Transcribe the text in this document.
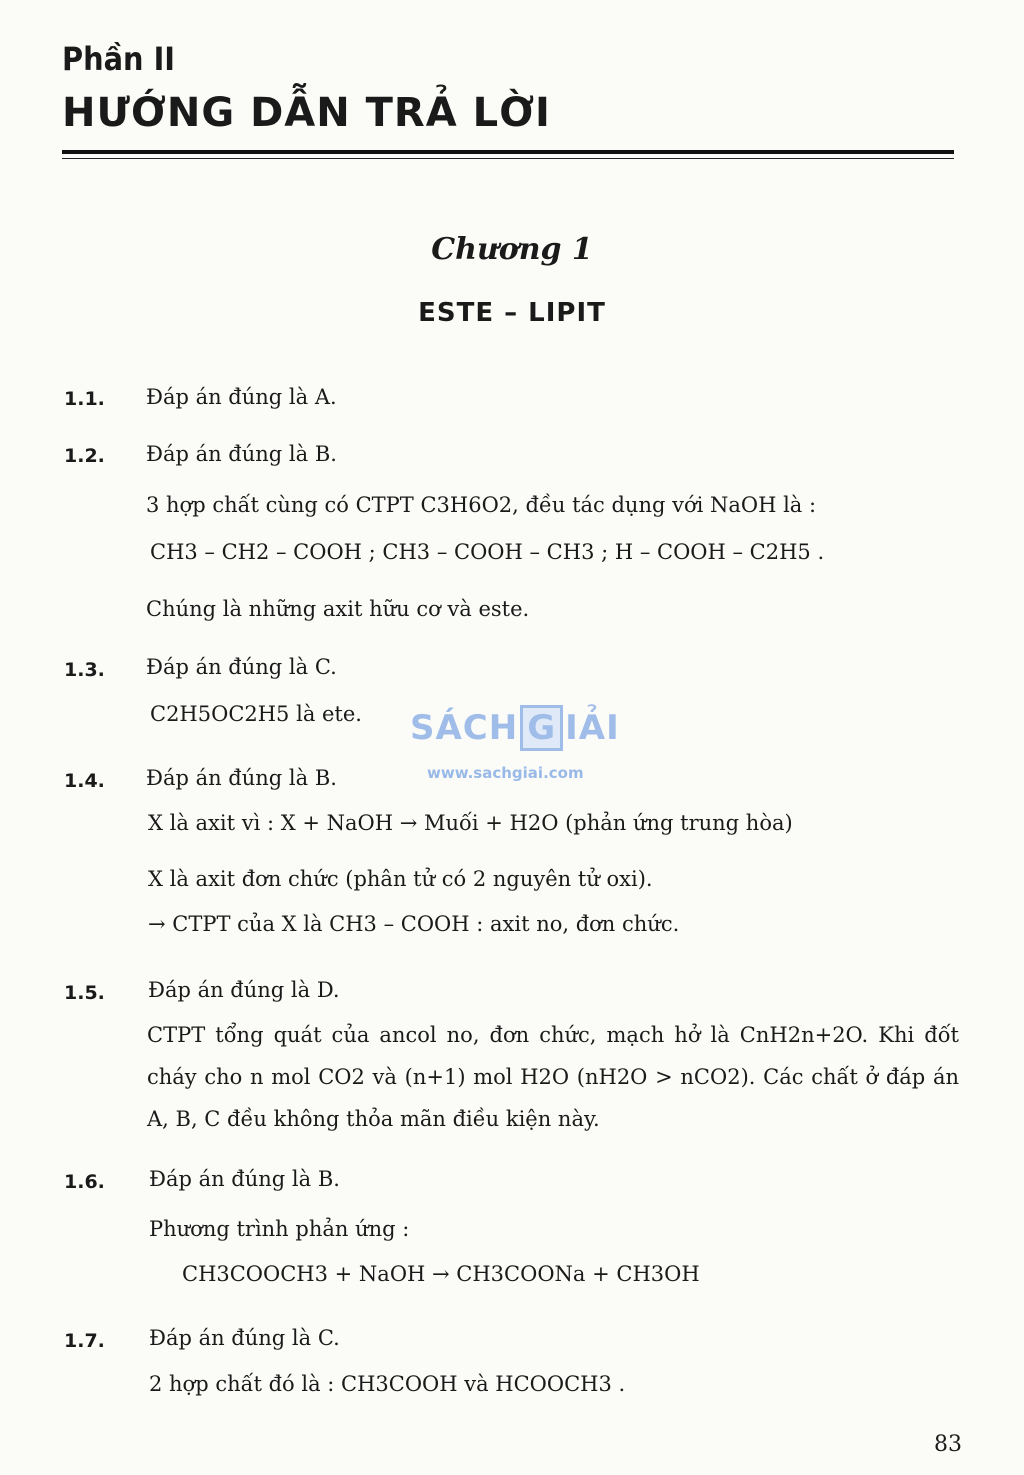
Phần II
HƯỚNG DẪN TRẢ LỜI
Chương 1
ESTE – LIPIT
1.1. Đáp án đúng là A.
1.2. Đáp án đúng là B.
3 hợp chất cùng có CTPT C3H6O2, đều tác dụng với NaOH là :
CH3 – CH2 – COOH ; CH3 – COOH – CH3 ; H – COOH – C2H5 .
Chúng là những axit hữu cơ và este.
1.3. Đáp án đúng là C.
C2H5OC2H5 là ete. SÁCH G IẢI
www.sachgiai.com
1.4. Đáp án đúng là B.
X là axit vì : X + NaOH → Muối + H2O (phản ứng trung hòa)
X là axit đơn chức (phân tử có 2 nguyên tử oxi).
→ CTPT của X là CH3 – COOH : axit no, đơn chức.
1.5. Đáp án đúng là D.
CTPT tổng quát của ancol no, đơn chức, mạch hở là CnH2n+2O. Khi đốt cháy cho n mol CO2 và (n+1) mol H2O (nH2O > nCO2). Các chất ở đáp án A, B, C đều không thỏa mãn điều kiện này.
1.6. Đáp án đúng là B.
Phương trình phản ứng :
CH3COOCH3 + NaOH → CH3COONa + CH3OH
1.7. Đáp án đúng là C.
2 hợp chất đó là : CH3COOH và HCOOCH3 .
83
